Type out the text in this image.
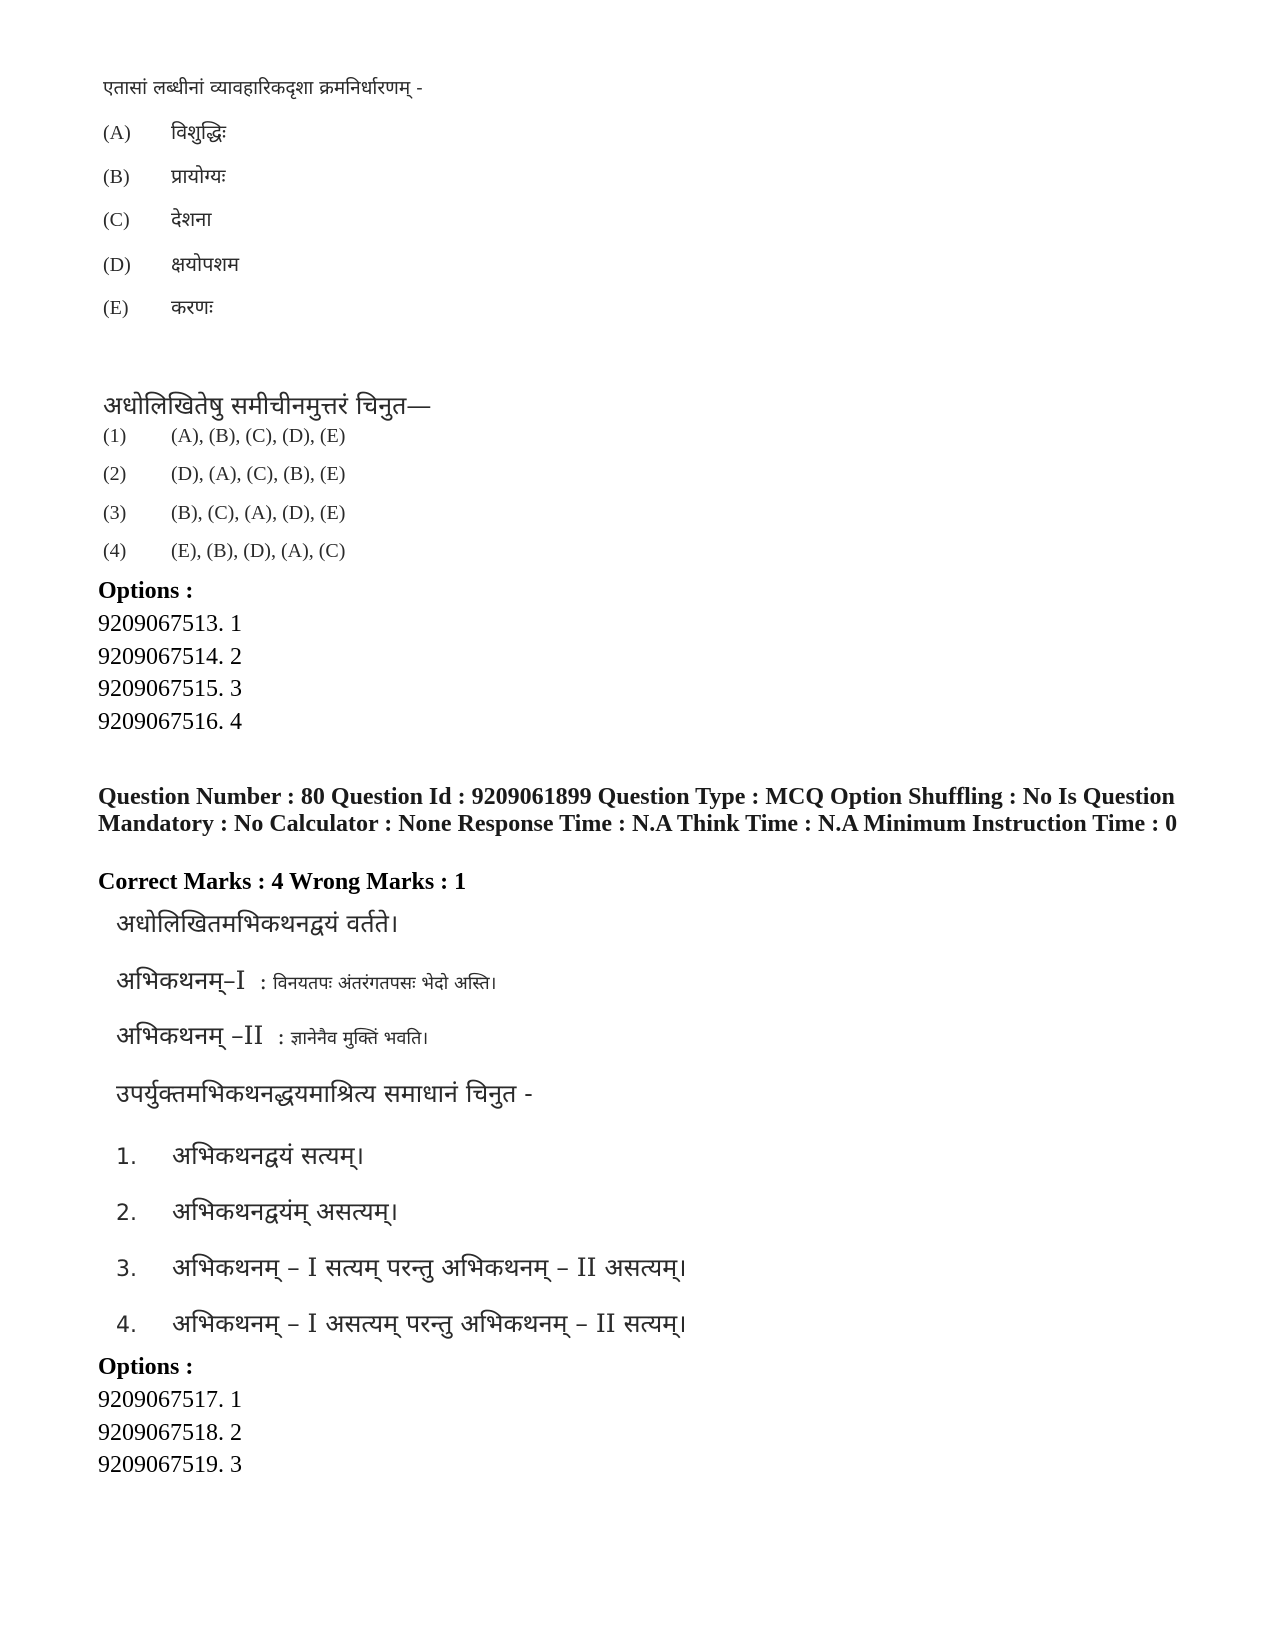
एतासां लब्धीनां व्यावहारिकदृशा क्रमनिर्धारणम् -
(A) विशुद्धिः
(B) प्रायोग्यः
(C) देशना
(D) क्षयोपशम
(E) करणः
अधोलिखितेषु समीचीनमुत्तरं चिनुत—
(1) (A), (B), (C), (D), (E)
(2) (D), (A), (C), (B), (E)
(3) (B), (C), (A), (D), (E)
(4) (E), (B), (D), (A), (C)
Options :
9209067513. 1
9209067514. 2
9209067515. 3
9209067516. 4
Question Number : 80 Question Id : 9209061899 Question Type : MCQ Option Shuffling : No Is Question Mandatory : No Calculator : None Response Time : N.A Think Time : N.A Minimum Instruction Time : 0
Correct Marks : 4 Wrong Marks : 1
अधोलिखितमभिकथनद्वयं वर्तते।
अभिकथनम्–I : विनयतपः अंतरंगतपसः भेदो अस्ति।
अभिकथनम् –II : ज्ञानेनैव मुक्तिं भवति।
उपर्युक्तमभिकथनद्धयमाश्रित्य समाधानं चिनुत -
1. अभिकथनद्वयं सत्यम्।
2. अभिकथनद्वयंम् असत्यम्।
3. अभिकथनम् – I सत्यम् परन्तु अभिकथनम् – II असत्यम्।
4. अभिकथनम् – I असत्यम् परन्तु अभिकथनम् – II सत्यम्।
Options :
9209067517. 1
9209067518. 2
9209067519. 3
